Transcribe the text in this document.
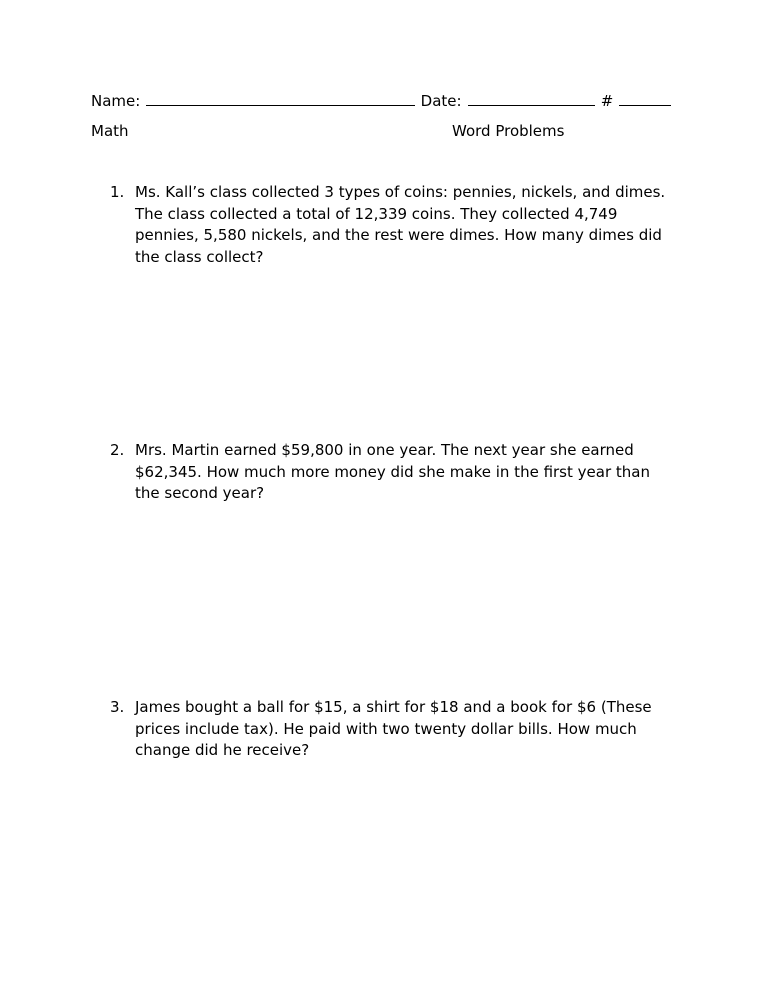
Name:	Date:	#
Math	Word Problems
1. Ms. Kall’s class collected 3 types of coins: pennies, nickels, and dimes. The class collected a total of 12,339 coins. They collected 4,749 pennies, 5,580 nickels, and the rest were dimes. How many dimes did the class collect?
2. Mrs. Martin earned $59,800 in one year. The next year she earned $62,345. How much more money did she make in the first year than the second year?
3. James bought a ball for $15, a shirt for $18 and a book for $6 (These prices include tax). He paid with two twenty dollar bills. How much change did he receive?
